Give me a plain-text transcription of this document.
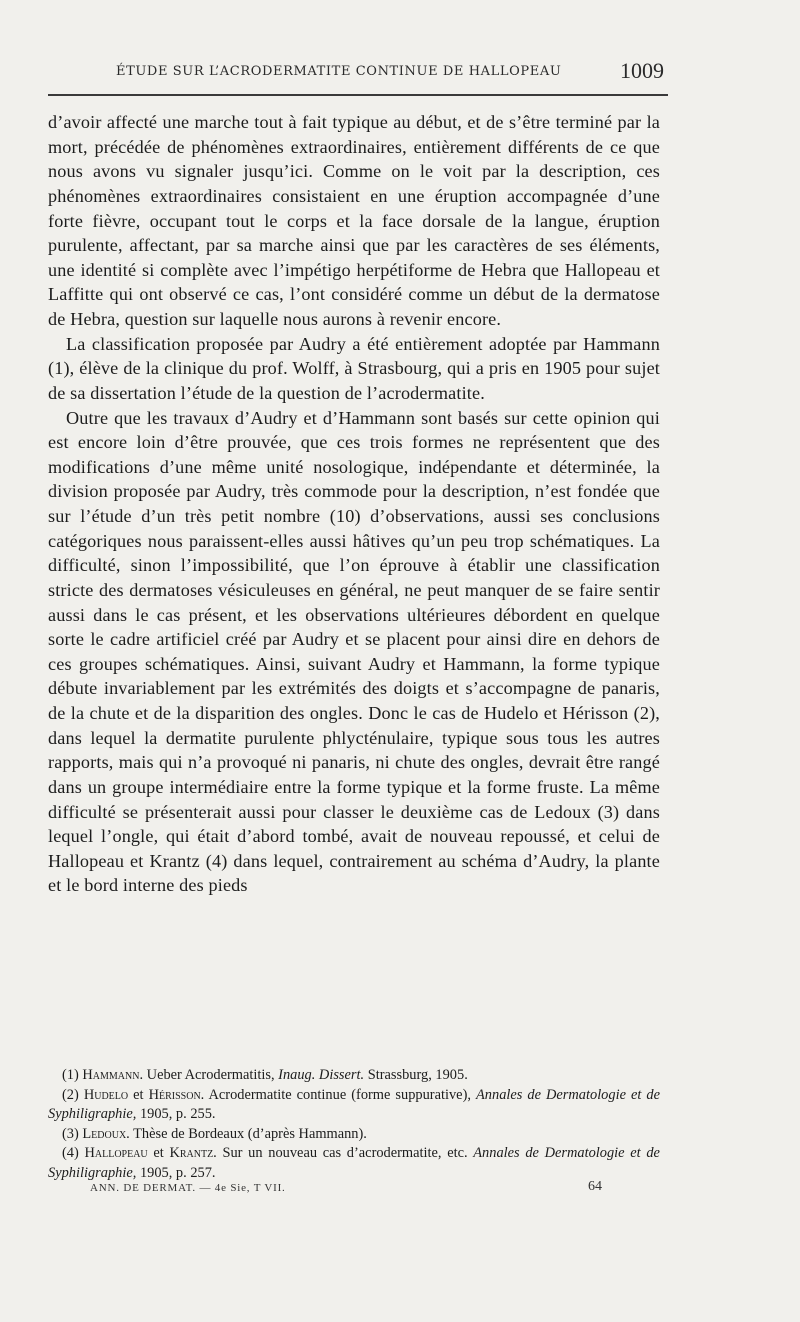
ÉTUDE SUR L’ACRODERMATITE CONTINUE DE HALLOPEAU	1009

d’avoir affecté une marche tout à fait typique au début, et de s’être terminé par la mort, précédée de phénomènes extraordinaires, entièrement différents de ce que nous avons vu signaler jusqu’ici. Comme on le voit par la description, ces phénomènes extraordinaires consistaient en une éruption accompagnée d’une forte fièvre, occupant tout le corps et la face dorsale de la langue, éruption purulente, affectant, par sa marche ainsi que par les caractères de ses éléments, une identité si complète avec l’impétigo herpétiforme de Hebra que Hallopeau et Laffitte qui ont observé ce cas, l’ont considéré comme un début de la dermatose de Hebra, question sur laquelle nous aurons à revenir encore.

La classification proposée par Audry a été entièrement adoptée par Hammann (1), élève de la clinique du prof. Wolff, à Strasbourg, qui a pris en 1905 pour sujet de sa dissertation l’étude de la question de l’acrodermatite.

Outre que les travaux d’Audry et d’Hammann sont basés sur cette opinion qui est encore loin d’être prouvée, que ces trois formes ne représentent que des modifications d’une même unité nosologique, indépendante et déterminée, la division proposée par Audry, très commode pour la description, n’est fondée que sur l’étude d’un très petit nombre (10) d’observations, aussi ses conclusions catégoriques nous paraissent-elles aussi hâtives qu’un peu trop schématiques. La difficulté, sinon l’impossibilité, que l’on éprouve à établir une classification stricte des dermatoses vésiculeuses en général, ne peut manquer de se faire sentir aussi dans le cas présent, et les observations ultérieures débordent en quelque sorte le cadre artificiel créé par Audry et se placent pour ainsi dire en dehors de ces groupes schématiques. Ainsi, suivant Audry et Hammann, la forme typique débute invariablement par les extrémités des doigts et s’accompagne de panaris, de la chute et de la disparition des ongles. Donc le cas de Hudelo et Hérisson (2), dans lequel la dermatite purulente phlycténulaire, typique sous tous les autres rapports, mais qui n’a provoqué ni panaris, ni chute des ongles, devrait être rangé dans un groupe intermédiaire entre la forme typique et la forme fruste. La même difficulté se présenterait aussi pour classer le deuxième cas de Ledoux (3) dans lequel l’ongle, qui était d’abord tombé, avait de nouveau repoussé, et celui de Hallopeau et Krantz (4) dans lequel, contrairement au schéma d’Audry, la plante et le bord interne des pieds

(1) Hammann. Ueber Acrodermatitis, Inaug. Dissert. Strassburg, 1905.

(2) Hudelo et Hérisson. Acrodermatite continue (forme suppurative), Annales de Dermatologie et de Syphiligraphie, 1905, p. 255.

(3) Ledoux. Thèse de Bordeaux (d’après Hammann).

(4) Hallopeau et Krantz. Sur un nouveau cas d’acrodermatite, etc. Annales de Dermatologie et de Syphiligraphie, 1905, p. 257.

ANN. DE DERMAT. — 4e Sie, T VII.	64
